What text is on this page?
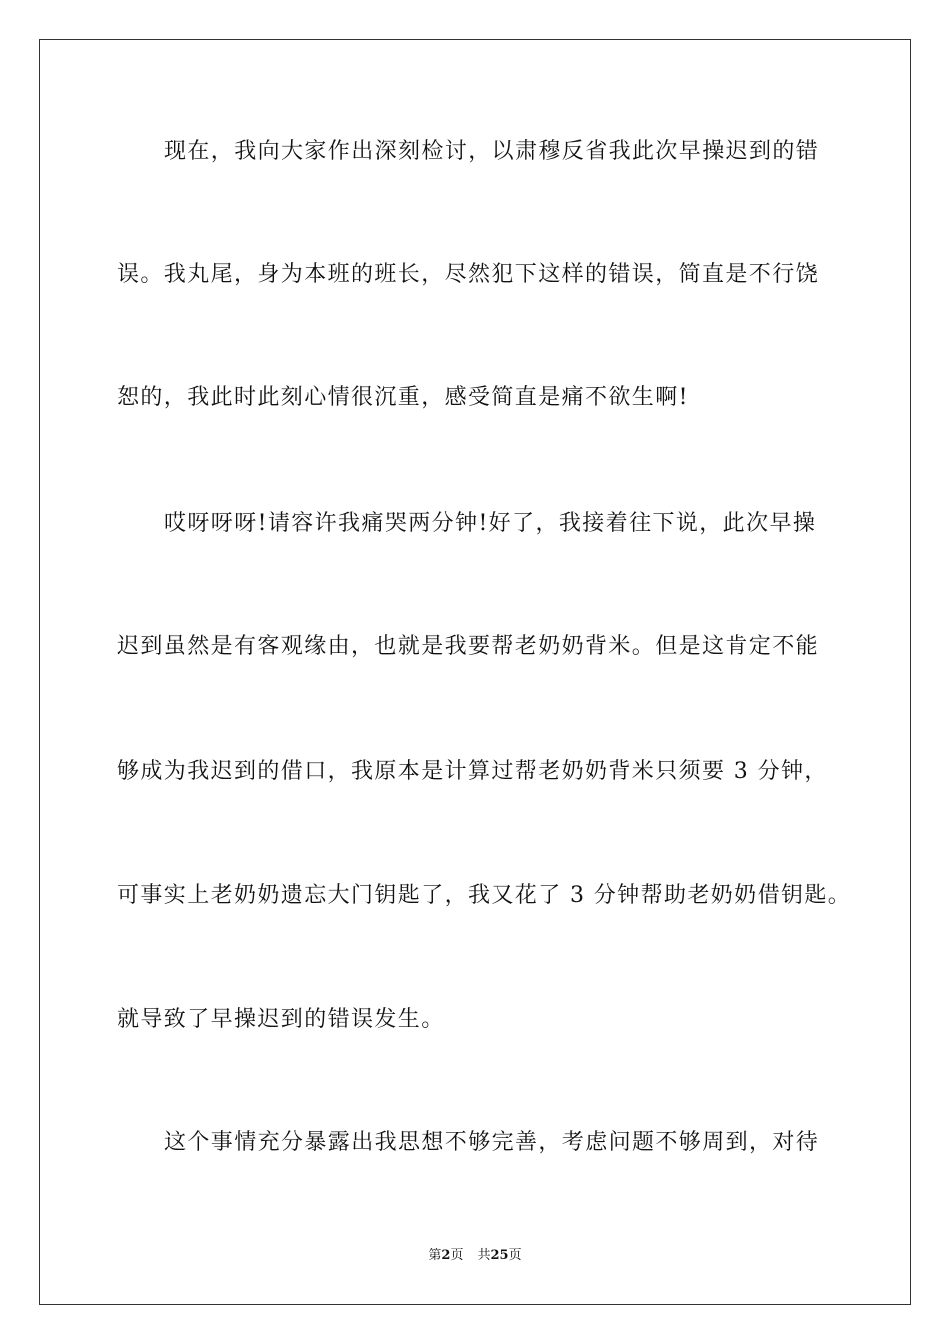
现在，我向大家作出深刻检讨，以肃穆反省我此次早操迟到的错
误。我丸尾，身为本班的班长，尽然犯下这样的错误，简直是不行饶
恕的，我此时此刻心情很沉重，感受简直是痛不欲生啊!
哎呀呀呀!请容许我痛哭两分钟!好了，我接着往下说，此次早操
迟到虽然是有客观缘由，也就是我要帮老奶奶背米。但是这肯定不能
够成为我迟到的借口，我原本是计算过帮老奶奶背米只须要 3 分钟，
可事实上老奶奶遗忘大门钥匙了，我又花了 3 分钟帮助老奶奶借钥匙。
就导致了早操迟到的错误发生。
这个事情充分暴露出我思想不够完善，考虑问题不够周到，对待
第2页 共25页
